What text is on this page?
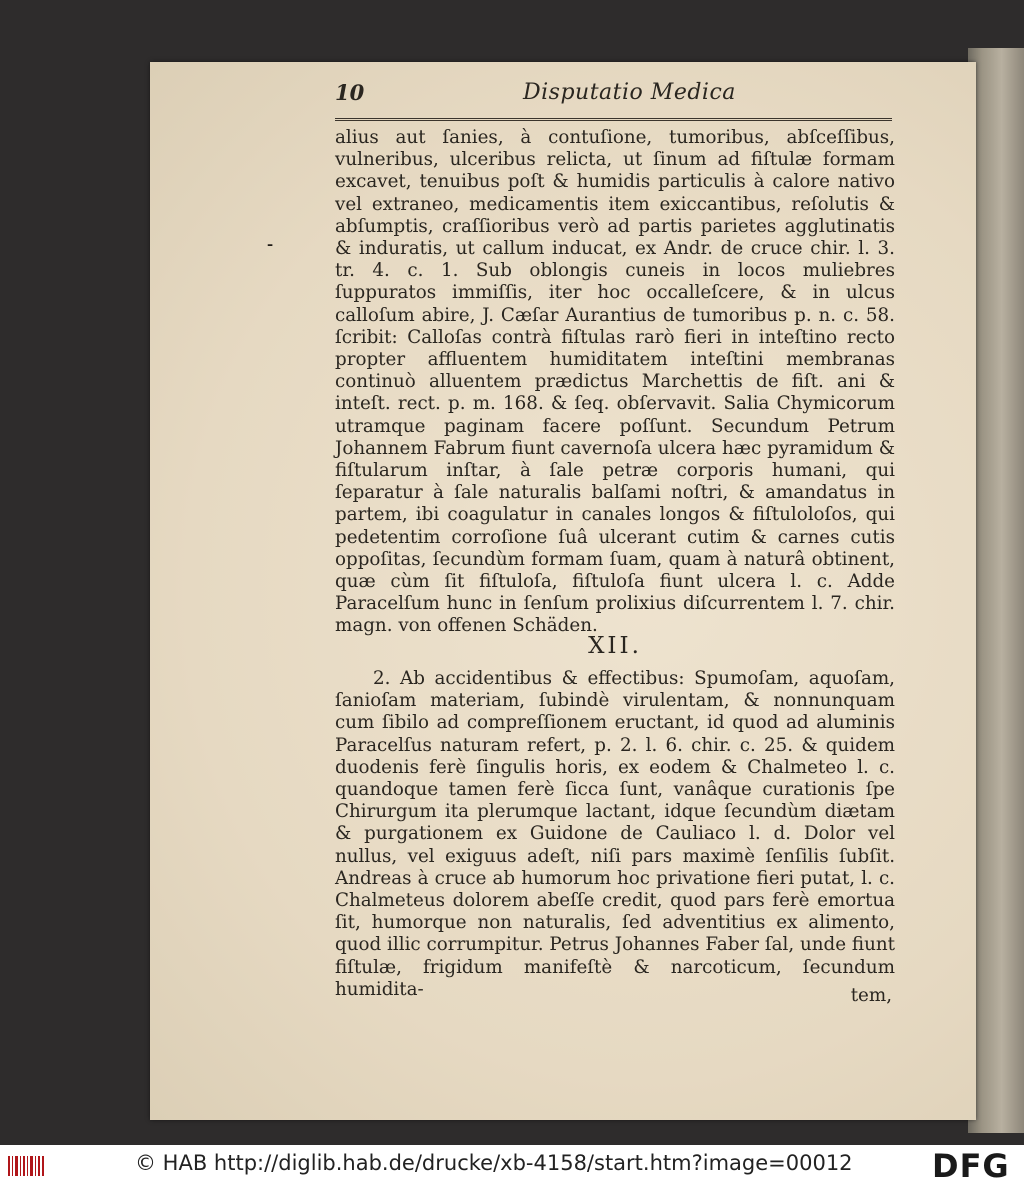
10	Disputatio Medica
⁃

alius aut ſanies, à contuſione, tumoribus, abſceſſibus, vulneribus, ulceribus relicta, ut ſinum ad fiſtulæ formam excavet, tenuibus poſt & humidis particulis à calore nativo vel extraneo, medicamentis item exiccantibus, reſolutis & abſumptis, craſſioribus verò ad partis parietes agglutinatis & induratis, ut callum inducat, ex Andr. de cruce chir. l. 3. tr. 4. c. 1. Sub oblongis cuneis in locos muliebres ſuppuratos immiſſis, iter hoc occalleſcere, & in ulcus calloſum abire, J. Cæſar Aurantius de tumoribus p. n. c. 58. ſcribit: Calloſas contrà fiſtulas rarò fieri in inteſtino recto propter affluentem humiditatem inteſtini membranas continuò alluentem prædictus Marchettis de fiſt. ani & inteſt. rect. p. m. 168. & ſeq. obſervavit. Salia Chymicorum utramque paginam facere poſſunt. Secundum Petrum Johannem Fabrum fiunt cavernoſa ulcera hæc pyramidum & fiſtularum inſtar, à ſale petræ corporis humani, qui ſeparatur à ſale naturalis balſami noſtri, & amandatus in partem, ibi coagulatur in canales longos & fiſtuloloſos, qui pedetentim corroſione ſuâ ulcerant cutim & carnes cutis oppoſitas, ſecundùm formam ſuam, quam à naturâ obtinent, quæ cùm ſit fiſtuloſa, fiſtuloſa fiunt ulcera l. c. Adde Paracelſum hunc in ſenſum prolixius diſcurrentem l. 7. chir. magn. von offenen Schäden.

XII.

2. Ab accidentibus & effectibus: Spumoſam, aquoſam, ſanioſam materiam, ſubindè virulentam, & nonnunquam cum ſibilo ad compreſſionem eructant, id quod ad aluminis Paracelſus naturam refert, p. 2. l. 6. chir. c. 25. & quidem duodenis ferè ſingulis horis, ex eodem & Chalmeteo l. c. quandoque tamen ferè ſicca ſunt, vanâque curationis ſpe Chirurgum ita plerumque lactant, idque ſecundùm diætam & purgationem ex Guidone de Cauliaco l. d. Dolor vel nullus, vel exiguus adeſt, niſi pars maximè ſenſilis ſubſit. Andreas à cruce ab humorum hoc privatione fieri putat, l. c. Chalmeteus dolorem abeſſe credit, quod pars ferè emortua ſit, humorque non naturalis, ſed adventitius ex alimento, quod illic corrumpitur. Petrus Johannes Faber ſal, unde fiunt fiſtulæ, frigidum manifeſtè & narcoticum, ſecundum humidita-	tem,
© HAB http://diglib.hab.de/drucke/xb-4158/start.htm?image=00012 DFG
